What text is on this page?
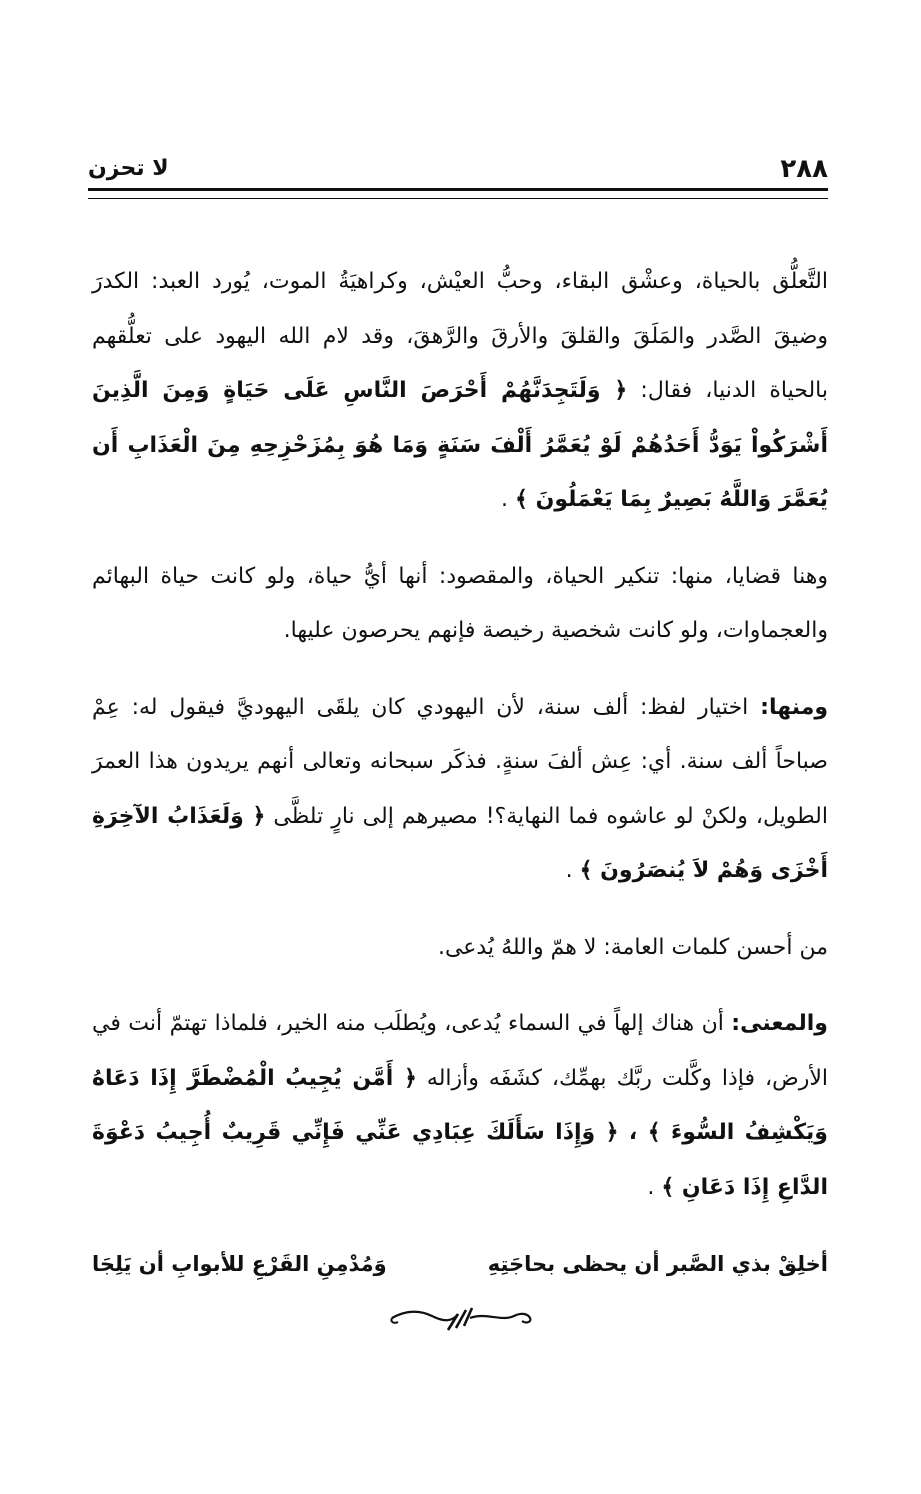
٢٨٨
لا تحزن

التَّعلُّق بالحياة، وعشْق البقاء، وحبُّ العيْش، وكراهيَةُ الموت، يُورد العبد: الكدرَ وضيقَ الصَّدر والمَلَقَ والقلقَ والأرقَ والرَّهقَ، وقد لام الله اليهود على تعلُّقهم بالحياة الدنيا، فقال: ﴿ وَلَتَجِدَنَّهُمْ أَحْرَصَ النَّاسِ عَلَى حَيَاةٍ وَمِنَ الَّذِينَ أَشْرَكُواْ يَوَدُّ أَحَدُهُمْ لَوْ يُعَمَّرُ أَلْفَ سَنَةٍ وَمَا هُوَ بِمُزَحْزِحِهِ مِنَ الْعَذَابِ أَن يُعَمَّرَ وَاللَّهُ بَصِيرٌ بِمَا يَعْمَلُونَ ﴾ .

وهنا قضايا، منها: تنكير الحياة، والمقصود: أنها أيُّ حياة، ولو كانت حياة البهائم والعجماوات، ولو كانت شخصية رخيصة فإنهم يحرصون عليها.

ومنها: اختيار لفظ: ألف سنة، لأن اليهودي كان يلقَى اليهوديَّ فيقول له: عِمْ صباحاً ألف سنة. أي: عِش ألفَ سنةٍ. فذكَر سبحانه وتعالى أنهم يريدون هذا العمرَ الطويل، ولكنْ لو عاشوه فما النهاية؟! مصيرهم إلى نارٍ تلظَّى ﴿ وَلَعَذَابُ الآخِرَةِ أَخْزَى وَهُمْ لاَ يُنصَرُونَ ﴾ .

من أحسن كلمات العامة: لا همّ واللهُ يُدعى.

والمعنى: أن هناك إلهاً في السماء يُدعى، ويُطلَب منه الخير، فلماذا تهتمّ أنت في الأرض، فإذا وكَّلت ربَّك بهمِّك، كشَفَه وأزاله ﴿ أَمَّن يُجِيبُ الْمُضْطَرَّ إِذَا دَعَاهُ وَيَكْشِفُ السُّوءَ ﴾ ، ﴿ وَإِذَا سَأَلَكَ عِبَادِي عَنِّي فَإِنِّي قَرِيبٌ أُجِيبُ دَعْوَةَ الدَّاعِ إِذَا دَعَانِ ﴾ .

أخلِقْ بذي الصَّبر أن يحظى بحاجَتِهِ
وَمُدْمِنِ القَرْعِ للأبوابِ أن يَلِجَا
